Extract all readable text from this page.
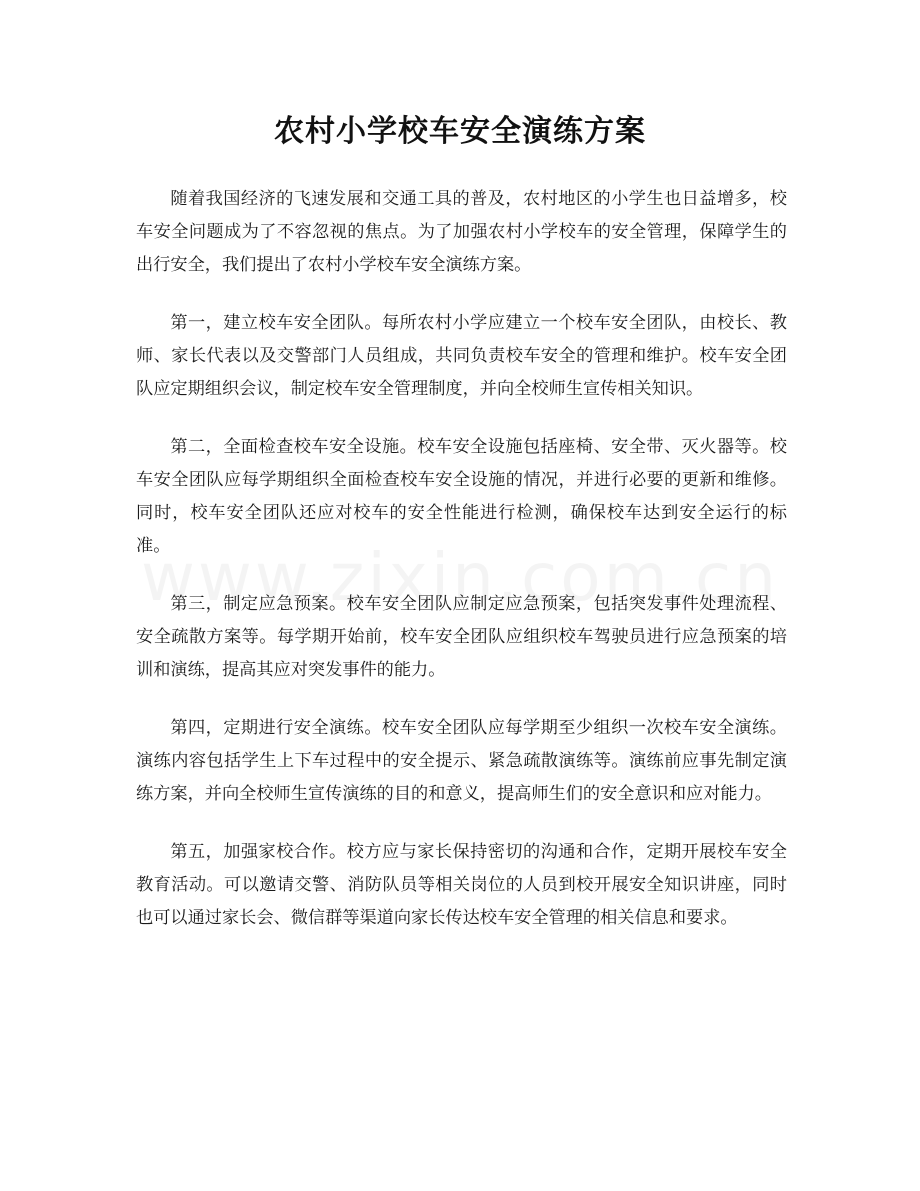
农村小学校车安全演练方案

随着我国经济的飞速发展和交通工具的普及，农村地区的小学生也日益增多，校车安全问题成为了不容忽视的焦点。为了加强农村小学校车的安全管理，保障学生的出行安全，我们提出了农村小学校车安全演练方案。

第一，建立校车安全团队。每所农村小学应建立一个校车安全团队，由校长、教师、家长代表以及交警部门人员组成，共同负责校车安全的管理和维护。校车安全团队应定期组织会议，制定校车安全管理制度，并向全校师生宣传相关知识。

第二，全面检查校车安全设施。校车安全设施包括座椅、安全带、灭火器等。校车安全团队应每学期组织全面检查校车安全设施的情况，并进行必要的更新和维修。同时，校车安全团队还应对校车的安全性能进行检测，确保校车达到安全运行的标准。

第三，制定应急预案。校车安全团队应制定应急预案，包括突发事件处理流程、安全疏散方案等。每学期开始前，校车安全团队应组织校车驾驶员进行应急预案的培训和演练，提高其应对突发事件的能力。

第四，定期进行安全演练。校车安全团队应每学期至少组织一次校车安全演练。演练内容包括学生上下车过程中的安全提示、紧急疏散演练等。演练前应事先制定演练方案，并向全校师生宣传演练的目的和意义，提高师生们的安全意识和应对能力。

第五，加强家校合作。校方应与家长保持密切的沟通和合作，定期开展校车安全教育活动。可以邀请交警、消防队员等相关岗位的人员到校开展安全知识讲座，同时也可以通过家长会、微信群等渠道向家长传达校车安全管理的相关信息和要求。
